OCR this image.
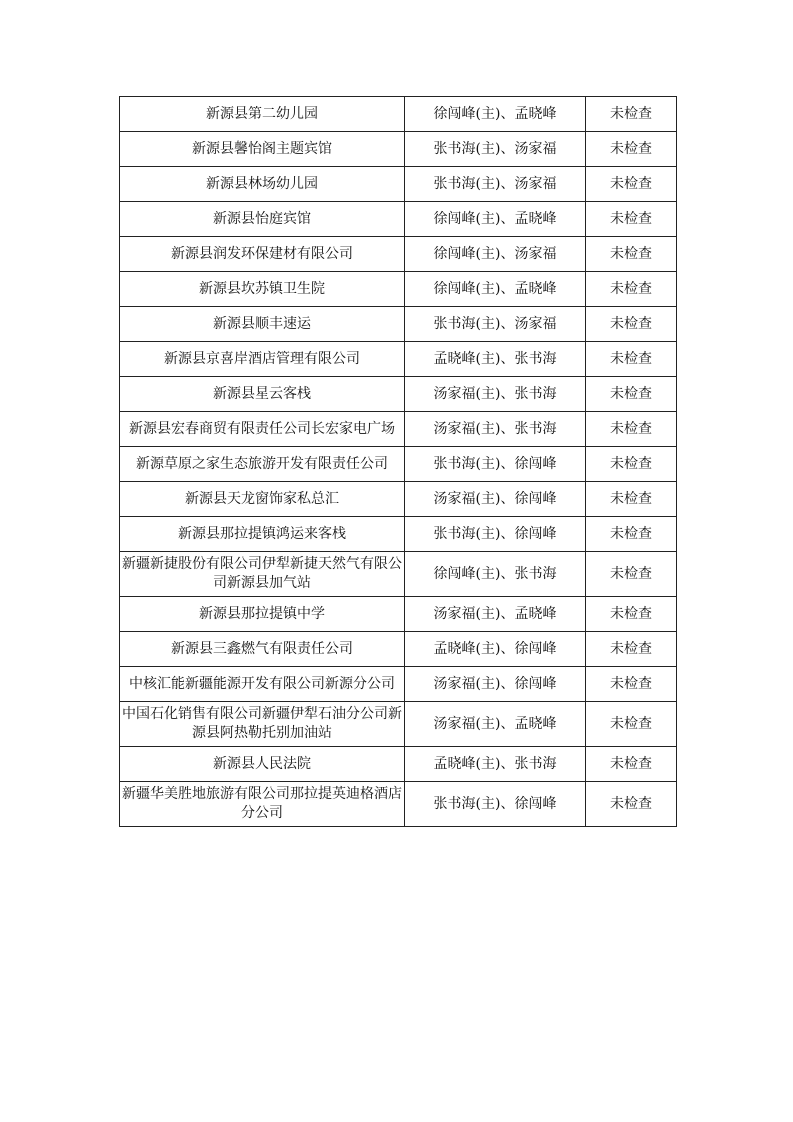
新源县第二幼儿园	徐闯峰(主)、孟晓峰	未检查
新源县馨怡阁主题宾馆	张书海(主)、汤家福	未检查
新源县林场幼儿园	张书海(主)、汤家福	未检查
新源县怡庭宾馆	徐闯峰(主)、孟晓峰	未检查
新源县润发环保建材有限公司	徐闯峰(主)、汤家福	未检查
新源县坎苏镇卫生院	徐闯峰(主)、孟晓峰	未检查
新源县顺丰速运	张书海(主)、汤家福	未检查
新源县京喜岸酒店管理有限公司	孟晓峰(主)、张书海	未检查
新源县星云客栈	汤家福(主)、张书海	未检查
新源县宏春商贸有限责任公司长宏家电广场	汤家福(主)、张书海	未检查
新源草原之家生态旅游开发有限责任公司	张书海(主)、徐闯峰	未检查
新源县天龙窗饰家私总汇	汤家福(主)、徐闯峰	未检查
新源县那拉提镇鸿运来客栈	张书海(主)、徐闯峰	未检查
新疆新捷股份有限公司伊犁新捷天然气有限公司新源县加气站	徐闯峰(主)、张书海	未检查
新源县那拉提镇中学	汤家福(主)、孟晓峰	未检查
新源县三鑫燃气有限责任公司	孟晓峰(主)、徐闯峰	未检查
中核汇能新疆能源开发有限公司新源分公司	汤家福(主)、徐闯峰	未检查
中国石化销售有限公司新疆伊犁石油分公司新源县阿热勒托别加油站	汤家福(主)、孟晓峰	未检查
新源县人民法院	孟晓峰(主)、张书海	未检查
新疆华美胜地旅游有限公司那拉提英迪格酒店分公司	张书海(主)、徐闯峰	未检查
